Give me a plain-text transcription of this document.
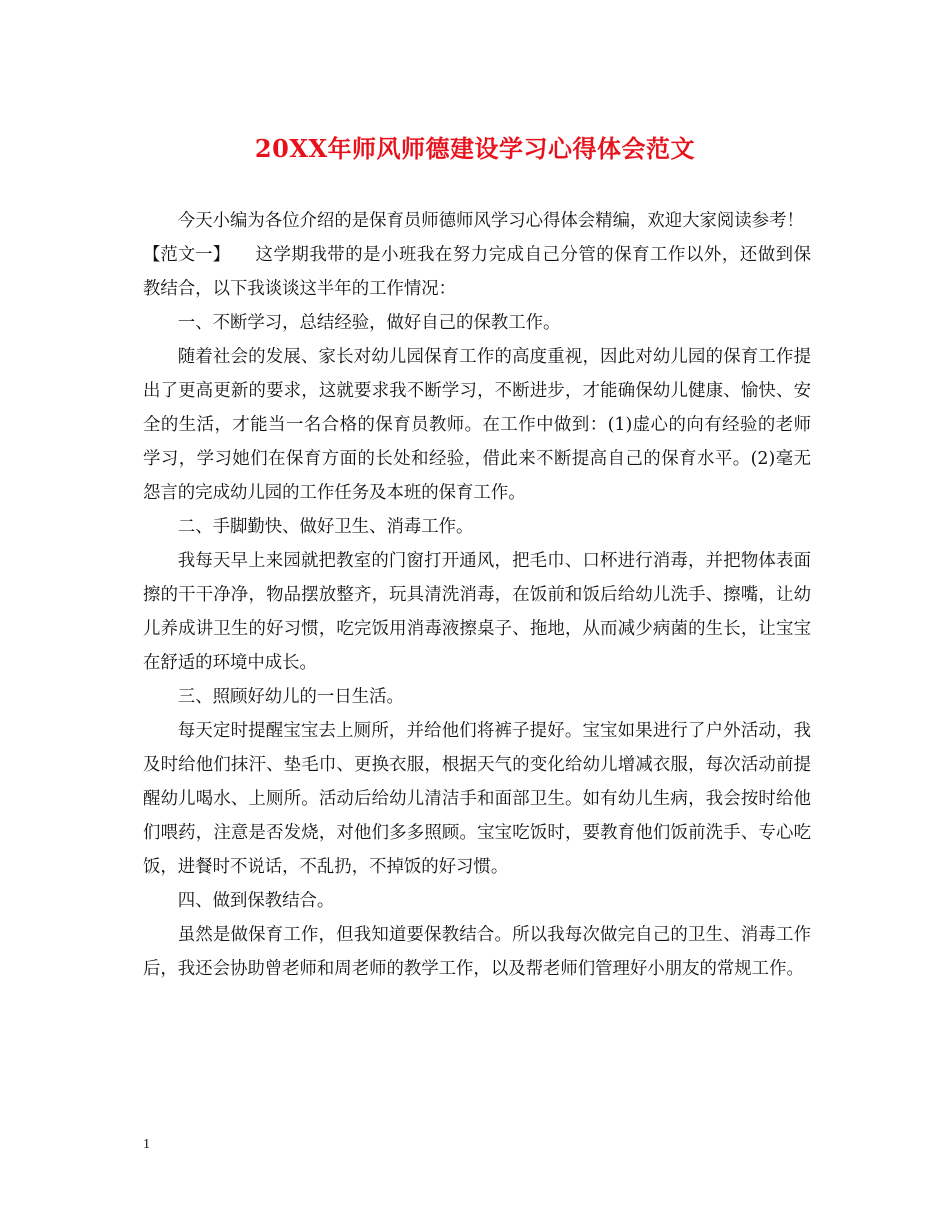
20XX年师风师德建设学习心得体会范文

今天小编为各位介绍的是保育员师德师风学习心得体会精编，欢迎大家阅读参考！

【范文一】 这学期我带的是小班我在努力完成自己分管的保育工作以外，还做到保教结合，以下我谈谈这半年的工作情况：

一、不断学习，总结经验，做好自己的保教工作。

随着社会的发展、家长对幼儿园保育工作的高度重视，因此对幼儿园的保育工作提出了更高更新的要求，这就要求我不断学习，不断进步，才能确保幼儿健康、愉快、安全的生活，才能当一名合格的保育员教师。在工作中做到：(1)虚心的向有经验的老师学习，学习她们在保育方面的长处和经验，借此来不断提高自己的保育水平。(2)毫无怨言的完成幼儿园的工作任务及本班的保育工作。

二、手脚勤快、做好卫生、消毒工作。

我每天早上来园就把教室的门窗打开通风，把毛巾、口杯进行消毒，并把物体表面擦的干干净净，物品摆放整齐，玩具清洗消毒，在饭前和饭后给幼儿洗手、擦嘴，让幼儿养成讲卫生的好习惯，吃完饭用消毒液擦桌子、拖地，从而减少病菌的生长，让宝宝在舒适的环境中成长。

三、照顾好幼儿的一日生活。

每天定时提醒宝宝去上厕所，并给他们将裤子提好。宝宝如果进行了户外活动，我及时给他们抹汗、垫毛巾、更换衣服，根据天气的变化给幼儿增减衣服，每次活动前提醒幼儿喝水、上厕所。活动后给幼儿清洁手和面部卫生。如有幼儿生病，我会按时给他们喂药，注意是否发烧，对他们多多照顾。宝宝吃饭时，要教育他们饭前洗手、专心吃饭，进餐时不说话，不乱扔，不掉饭的好习惯。

四、做到保教结合。

虽然是做保育工作，但我知道要保教结合。所以我每次做完自己的卫生、消毒工作后，我还会协助曾老师和周老师的教学工作，以及帮老师们管理好小朋友的常规工作。

1
